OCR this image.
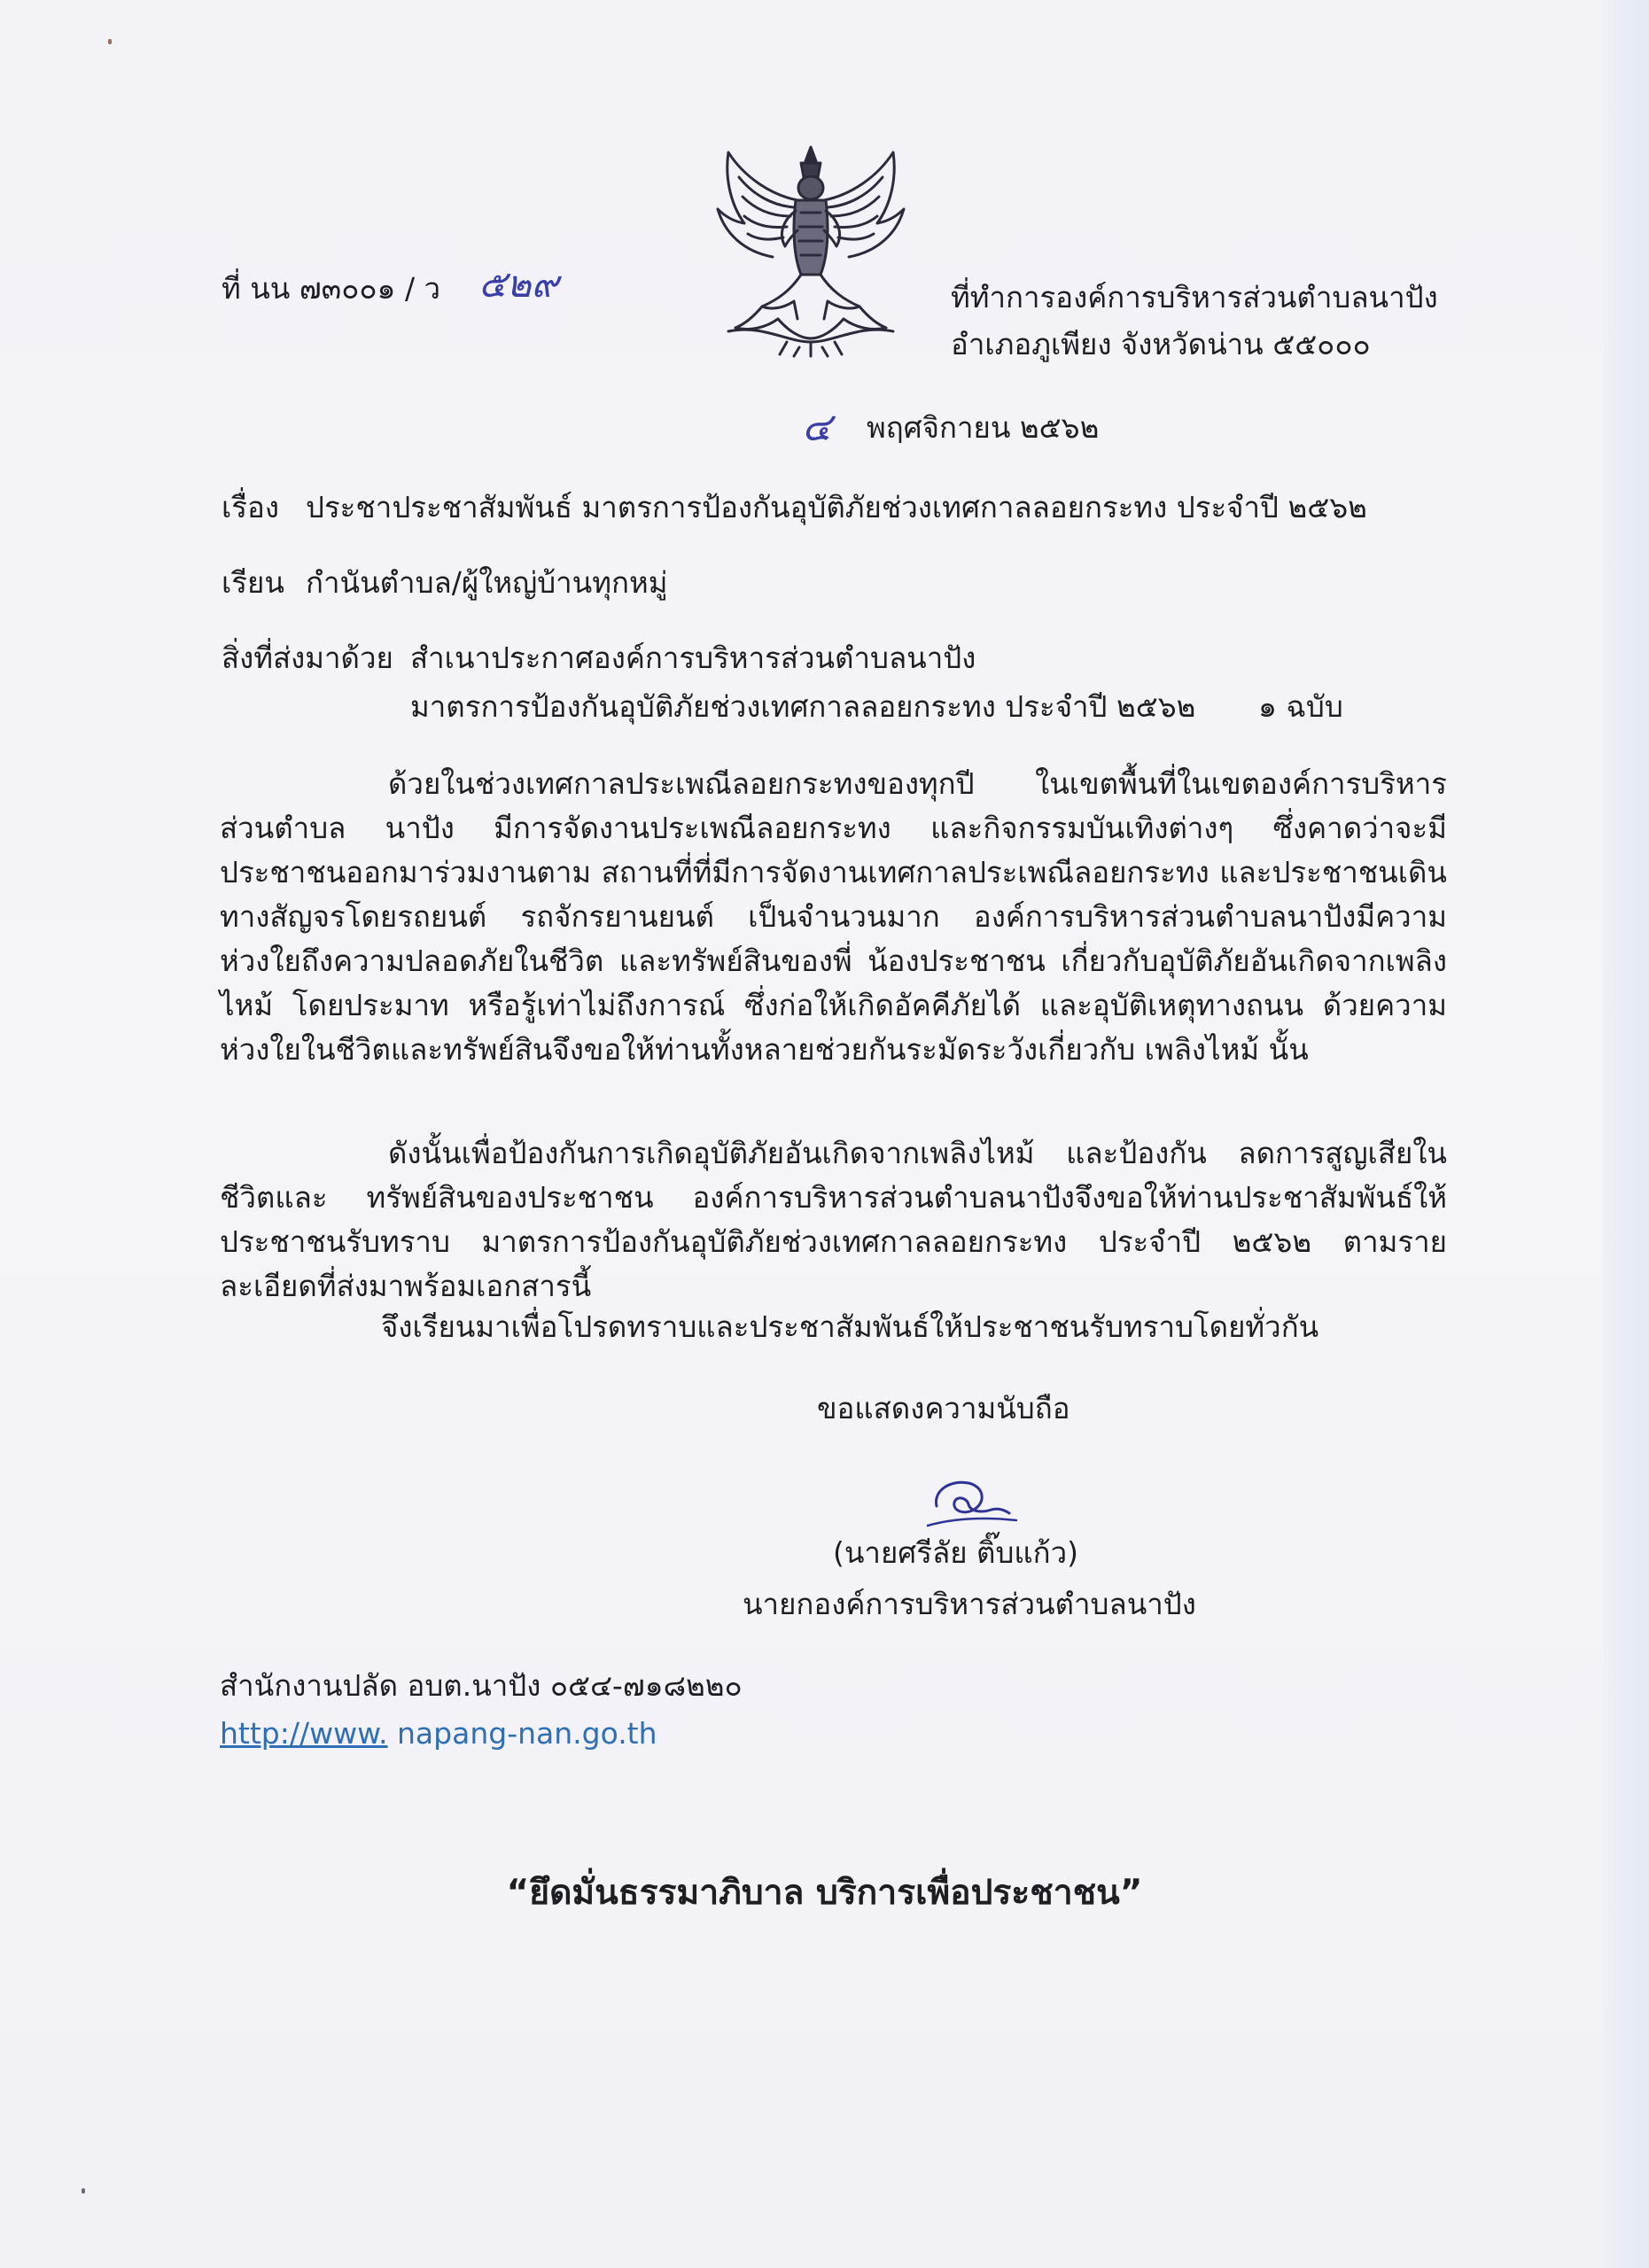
ที่ นน ๗๓๐๐๑ / ว ๕๒๙	ที่ทำการองค์การบริหารส่วนตำบลนาปัง
อำเภอภูเพียง จังหวัดน่าน ๕๕๐๐๐
๔ พฤศจิกายน ๒๕๖๒
เรื่อง ประชาประชาสัมพันธ์ มาตรการป้องกันอุบัติภัยช่วงเทศกาลลอยกระทง ประจำปี ๒๕๖๒
เรียน กำนันตำบล/ผู้ใหญ่บ้านทุกหมู่
สิ่งที่ส่งมาด้วย สำเนาประกาศองค์การบริหารส่วนตำบลนาปัง
มาตรการป้องกันอุบัติภัยช่วงเทศกาลลอยกระทง ประจำปี ๒๕๖๒ ๑ ฉบับ
ด้วยในช่วงเทศกาลประเพณีลอยกระทงของทุกปี ในเขตพื้นที่ในเขตองค์การบริหารส่วนตำบล นาปัง มีการจัดงานประเพณีลอยกระทง และกิจกรรมบันเทิงต่างๆ ซึ่งคาดว่าจะมีประชาชนออกมาร่วมงานตาม สถานที่ที่มีการจัดงานเทศกาลประเพณีลอยกระทง และประชาชนเดินทางสัญจรโดยรถยนต์ รถจักรยานยนต์ เป็นจำนวนมาก องค์การบริหารส่วนตำบลนาปังมีความห่วงใยถึงความปลอดภัยในชีวิต และทรัพย์สินของพี่ น้องประชาชน เกี่ยวกับอุบัติภัยอันเกิดจากเพลิงไหม้ โดยประมาท หรือรู้เท่าไม่ถึงการณ์ ซึ่งก่อให้เกิดอัคคีภัยได้ และอุบัติเหตุทางถนน ด้วยความห่วงใยในชีวิตและทรัพย์สินจึงขอให้ท่านทั้งหลายช่วยกันระมัดระวังเกี่ยวกับ เพลิงไหม้ นั้น
ดังนั้นเพื่อป้องกันการเกิดอุบัติภัยอันเกิดจากเพลิงไหม้ และป้องกัน ลดการสูญเสียในชีวิตและ ทรัพย์สินของประชาชน องค์การบริหารส่วนตำบลนาปังจึงขอให้ท่านประชาสัมพันธ์ให้ประชาชนรับทราบ มาตรการป้องกันอุบัติภัยช่วงเทศกาลลอยกระทง ประจำปี ๒๕๖๒ ตามรายละเอียดที่ส่งมาพร้อมเอกสารนี้
จึงเรียนมาเพื่อโปรดทราบและประชาสัมพันธ์ให้ประชาชนรับทราบโดยทั่วกัน
ขอแสดงความนับถือ
(นายศรีลัย ติ๊บแก้ว)
นายกองค์การบริหารส่วนตำบลนาปัง
สำนักงานปลัด อบต.นาปัง ๐๕๔-๗๑๘๒๒๐
http://www. napang-nan.go.th
“ยึดมั่นธรรมาภิบาล บริการเพื่อประชาชน”
